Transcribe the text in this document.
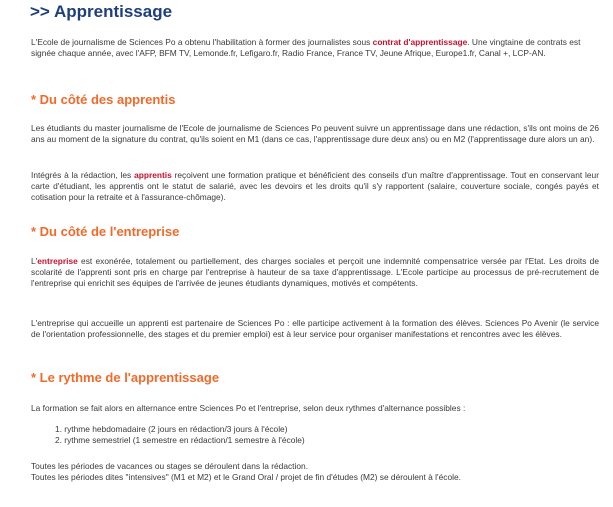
>> Apprentissage

L'Ecole de journalisme de Sciences Po a obtenu l'habilitation à former des journalistes sous contrat d'apprentissage. Une vingtaine de contrats est signée chaque année, avec l'AFP, BFM TV, Lemonde.fr, Lefigaro.fr, Radio France, France TV, Jeune Afrique, Europe1.fr, Canal +, LCP-AN.

* Du côté des apprentis

Les étudiants du master journalisme de l'Ecole de journalisme de Sciences Po peuvent suivre un apprentissage dans une rédaction, s'ils ont moins de 26 ans au moment de la signature du contrat, qu'ils soient en M1 (dans ce cas, l'apprentissage dure deux ans) ou en M2 (l'apprentissage dure alors un an).

Intégrés à la rédaction, les apprentis reçoivent une formation pratique et bénéficient des conseils d'un maître d'apprentissage. Tout en conservant leur carte d'étudiant, les apprentis ont le statut de salarié, avec les devoirs et les droits qu'il s'y rapportent (salaire, couverture sociale, congés payés et cotisation pour la retraite et à l'assurance-chômage).

* Du côté de l'entreprise

L'entreprise est exonérée, totalement ou partiellement, des charges sociales et perçoit une indemnité compensatrice versée par l'Etat. Les droits de scolarité de l'apprenti sont pris en charge par l'entreprise à hauteur de sa taxe d'apprentissage. L'Ecole participe au processus de pré-recrutement de l'entreprise qui enrichit ses équipes de l'arrivée de jeunes étudiants dynamiques, motivés et compétents.

L'entreprise qui accueille un apprenti est partenaire de Sciences Po : elle participe activement à la formation des élèves. Sciences Po Avenir (le service de l'orientation professionnelle, des stages et du premier emploi) est à leur service pour organiser manifestations et rencontres avec les élèves.

* Le rythme de l'apprentissage

La formation se fait alors en alternance entre Sciences Po et l'entreprise, selon deux rythmes d'alternance possibles :

1. rythme hebdomadaire (2 jours en rédaction/3 jours à l'école)
2. rythme semestriel (1 semestre en rédaction/1 semestre à l'école)

Toutes les périodes de vacances ou stages se déroulent dans la rédaction.
Toutes les périodes dites "intensives" (M1 et M2) et le Grand Oral / projet de fin d'études (M2) se déroulent à l'école.
